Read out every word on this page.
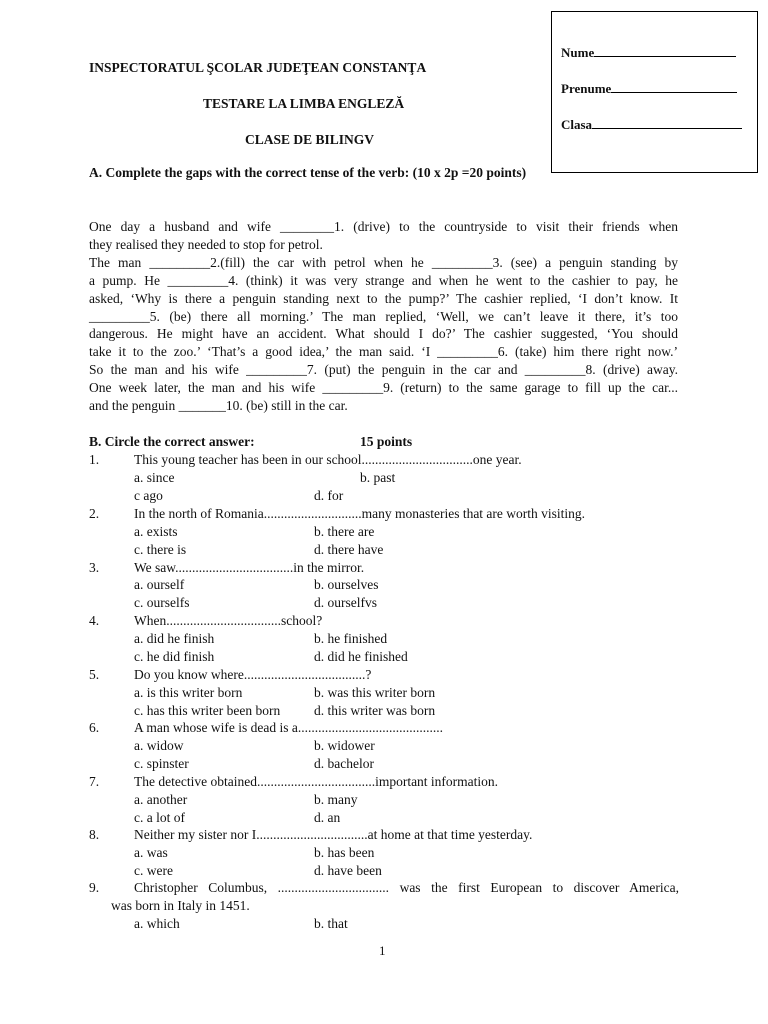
Nume
Prenume
Clasa
INSPECTORATUL ŞCOLAR JUDEŢEAN CONSTANŢA
TESTARE LA LIMBA ENGLEZĂ
CLASE DE BILINGV
A. Complete the gaps with the correct tense of the verb: (10 x 2p =20 points)
One day a husband and wife ________1. (drive) to the countryside to visit their friends when
they realised they needed to stop for petrol.
The man _________2.(fill) the car with petrol when he _________3. (see) a penguin standing by
a pump. He _________4. (think) it was very strange and when he went to the cashier to pay, he
asked, ‘Why is there a penguin standing next to the pump?’ The cashier replied, ‘I don’t know. It
_________5. (be) there all morning.’ The man replied, ‘Well, we can’t leave it there, it’s too
dangerous. He might have an accident. What should I do?’ The cashier suggested, ‘You should
take it to the zoo.’ ‘That’s a good idea,’ the man said. ‘I _________6. (take) him there right now.’
So the man and his wife _________7. (put) the penguin in the car and _________8. (drive) away.
One week later, the man and his wife _________9. (return) to the same garage to fill up the car...
and the penguin _______10. (be) still in the car.
B. Circle the correct answer:	15 points
1.	This young teacher has been in our school.................................one year.
a. since	b. past
c ago	d. for
2.	In the north of Romania.............................many monasteries that are worth visiting.
a. exists	b. there are
c. there is	d. there have
3.	We saw...................................in the mirror.
a. ourself	b. ourselves
c. ourselfs	d. ourselfvs
4.	When..................................school?
a. did he finish	b. he finished
c. he did finish	d. did he finished
5.	Do you know where....................................?
a. is this writer born	b. was this writer born
c. has this writer been born	d. this writer was born
6.	A man whose wife is dead is a...........................................
a. widow	b. widower
c. spinster	d. bachelor
7.	The detective obtained...................................important information.
a. another	b. many
c. a lot of	d. an
8.	Neither my sister nor I.................................at home at that time yesterday.
a. was	b. has been
c. were	d. have been
9.	Christopher Columbus, ................................. was the first European to discover America,
was born in Italy in 1451.
a. which	b. that
1
